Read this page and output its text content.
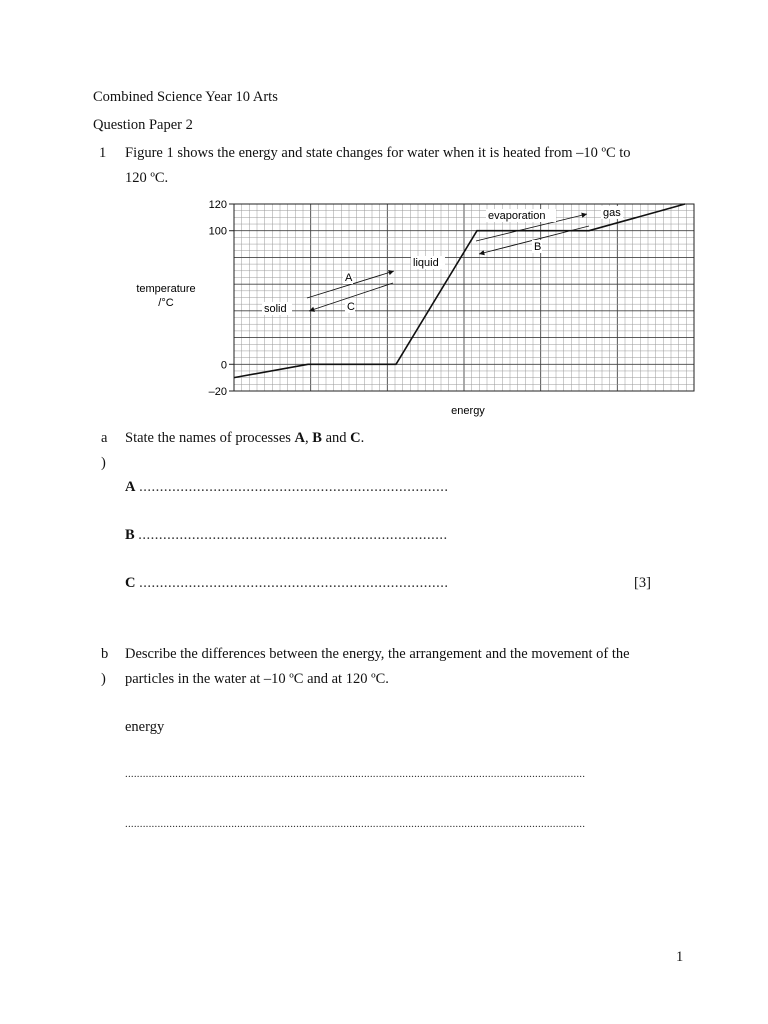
Combined Science Year 10 Arts
Question Paper 2
1 Figure 1 shows the energy and state changes for water when it is heated from –10 ºC to
120 ºC.
–20
0
100
120
solid
liquid
A
C
evaporation	gas
B
temperature
/°C
energy
a
)
State the names of processes A, B and C.
A ...........................................................................
B ...........................................................................
C ...........................................................................	[3]
b
)
Describe the differences between the energy, the arrangement and the movement of the
particles in the water at –10 ºC and at 120 ºC.
energy
............................................................................................................................................................
............................................................................................................................................................
1
